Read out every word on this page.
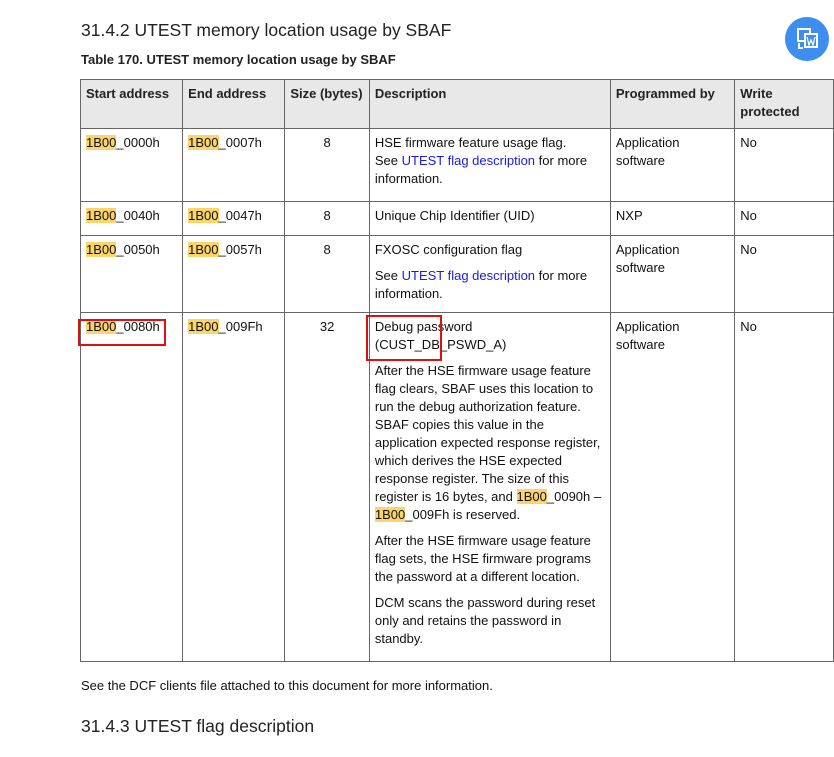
31.4.2 UTEST memory location usage by SBAF
Table 170. UTEST memory location usage by SBAF
Start address	End address	Size (bytes)	Description	Programmed by	Write protected
1B00_0000h	1B00_0007h	8	HSE firmware feature usage flag.
See UTEST flag description for more information.	Application software	No
1B00_0040h	1B00_0047h	8	Unique Chip Identifier (UID)	NXP	No
1B00_0050h	1B00_0057h	8	FXOSC configuration flag

See UTEST flag description for more information.	Application software	No
1B00_0080h	1B00_009Fh	32	Debug password (CUST_DB_PSWD_A)

After the HSE firmware usage feature flag clears, SBAF uses this location to run the debug authorization feature. SBAF copies this value in the application expected response register, which derives the HSE expected response register. The size of this register is 16 bytes, and 1B00_0090h – 1B00_009Fh is reserved.

After the HSE firmware usage feature flag sets, the HSE firmware programs the password at a different location.

DCM scans the password during reset only and retains the password in standby.	Application software	No
See the DCF clients file attached to this document for more information.
31.4.3 UTEST flag description
